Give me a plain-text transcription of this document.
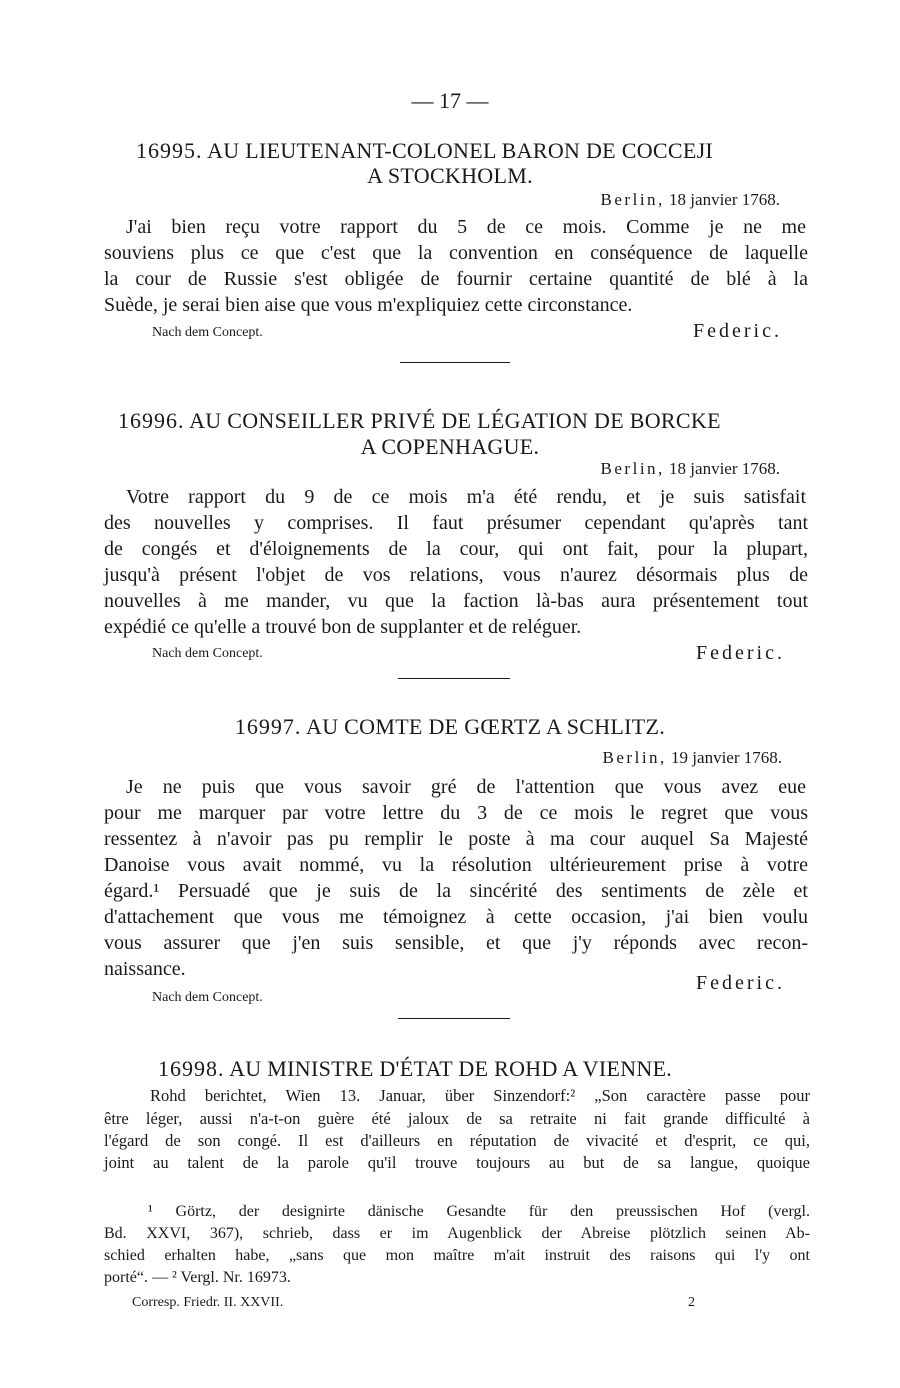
— 17 —
16995. AU LIEUTENANT-COLONEL BARON DE COCCEJI
A STOCKHOLM.
Berlin, 18 janvier 1768.
J'ai bien reçu votre rapport du 5 de ce mois. Comme je ne me
souviens plus ce que c'est que la convention en conséquence de laquelle
la cour de Russie s'est obligée de fournir certaine quantité de blé à la
Suède, je serai bien aise que vous m'expliquiez cette circonstance.
Nach dem Concept.	Federic.
16996. AU CONSEILLER PRIVÉ DE LÉGATION DE BORCKE
A COPENHAGUE.
Berlin, 18 janvier 1768.
Votre rapport du 9 de ce mois m'a été rendu, et je suis satisfait
des nouvelles y comprises. Il faut présumer cependant qu'après tant
de congés et d'éloignements de la cour, qui ont fait, pour la plupart,
jusqu'à présent l'objet de vos relations, vous n'aurez désormais plus de
nouvelles à me mander, vu que la faction là-bas aura présentement tout
expédié ce qu'elle a trouvé bon de supplanter et de reléguer.
Nach dem Concept.	Federic.
16997. AU COMTE DE GŒRTZ A SCHLITZ.
Berlin, 19 janvier 1768.
Je ne puis que vous savoir gré de l'attention que vous avez eue
pour me marquer par votre lettre du 3 de ce mois le regret que vous
ressentez à n'avoir pas pu remplir le poste à ma cour auquel Sa Majesté
Danoise vous avait nommé, vu la résolution ultérieurement prise à votre
égard.¹ Persuadé que je suis de la sincérité des sentiments de zèle et
d'attachement que vous me témoignez à cette occasion, j'ai bien voulu
vous assurer que j'en suis sensible, et que j'y réponds avec recon-
naissance.
Federic.
Nach dem Concept.
16998. AU MINISTRE D'ÉTAT DE ROHD A VIENNE.
Rohd berichtet, Wien 13. Januar, über Sinzendorf:² „Son caractère passe pour
être léger, aussi n'a-t-on guère été jaloux de sa retraite ni fait grande difficulté à
l'égard de son congé. Il est d'ailleurs en réputation de vivacité et d'esprit, ce qui,
joint au talent de la parole qu'il trouve toujours au but de sa langue, quoique
¹ Görtz, der designirte dänische Gesandte für den preussischen Hof (vergl.
Bd. XXVI, 367), schrieb, dass er im Augenblick der Abreise plötzlich seinen Ab-
schied erhalten habe, „sans que mon maître m'ait instruit des raisons qui l'y ont
porté“. — ² Vergl. Nr. 16973.
Corresp. Friedr. II. XXVII.	2
